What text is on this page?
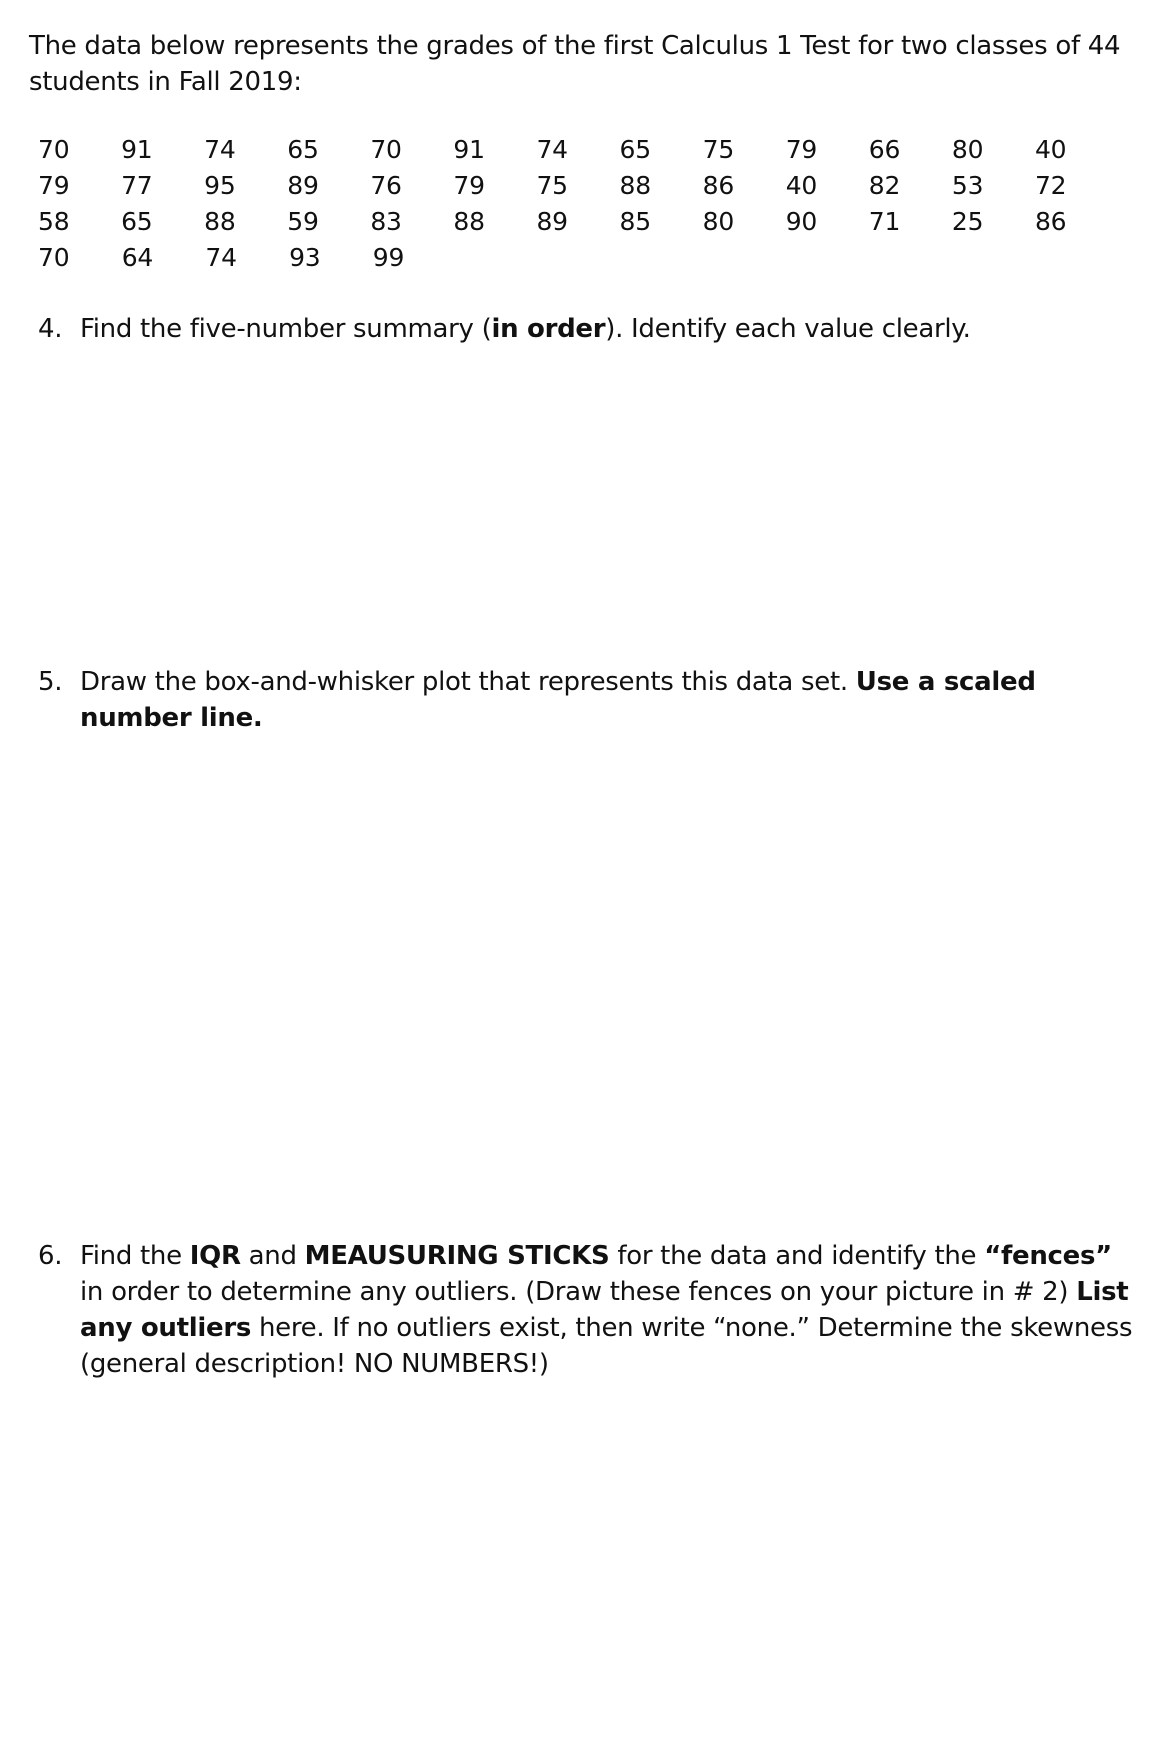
The data below represents the grades of the first Calculus 1 Test for two classes of 44 students in Fall 2019:

70	91	74	65	70	91	74	65	75	79	66	80	40
79	77	95	89	76	79	75	88	86	40	82	53	72
58	65	88	59	83	88	89	85	80	90	71	25	86
70	64	74	93	99
4. Find the five-number summary (in order). Identify each value clearly.
5. Draw the box-and-whisker plot that represents this data set. Use a scaled number line.
6. Find the IQR and MEAUSURING STICKS for the data and identify the “fences” in order to determine any outliers. (Draw these fences on your picture in # 2) List any outliers here. If no outliers exist, then write “none.” Determine the skewness (general description! NO NUMBERS!)
